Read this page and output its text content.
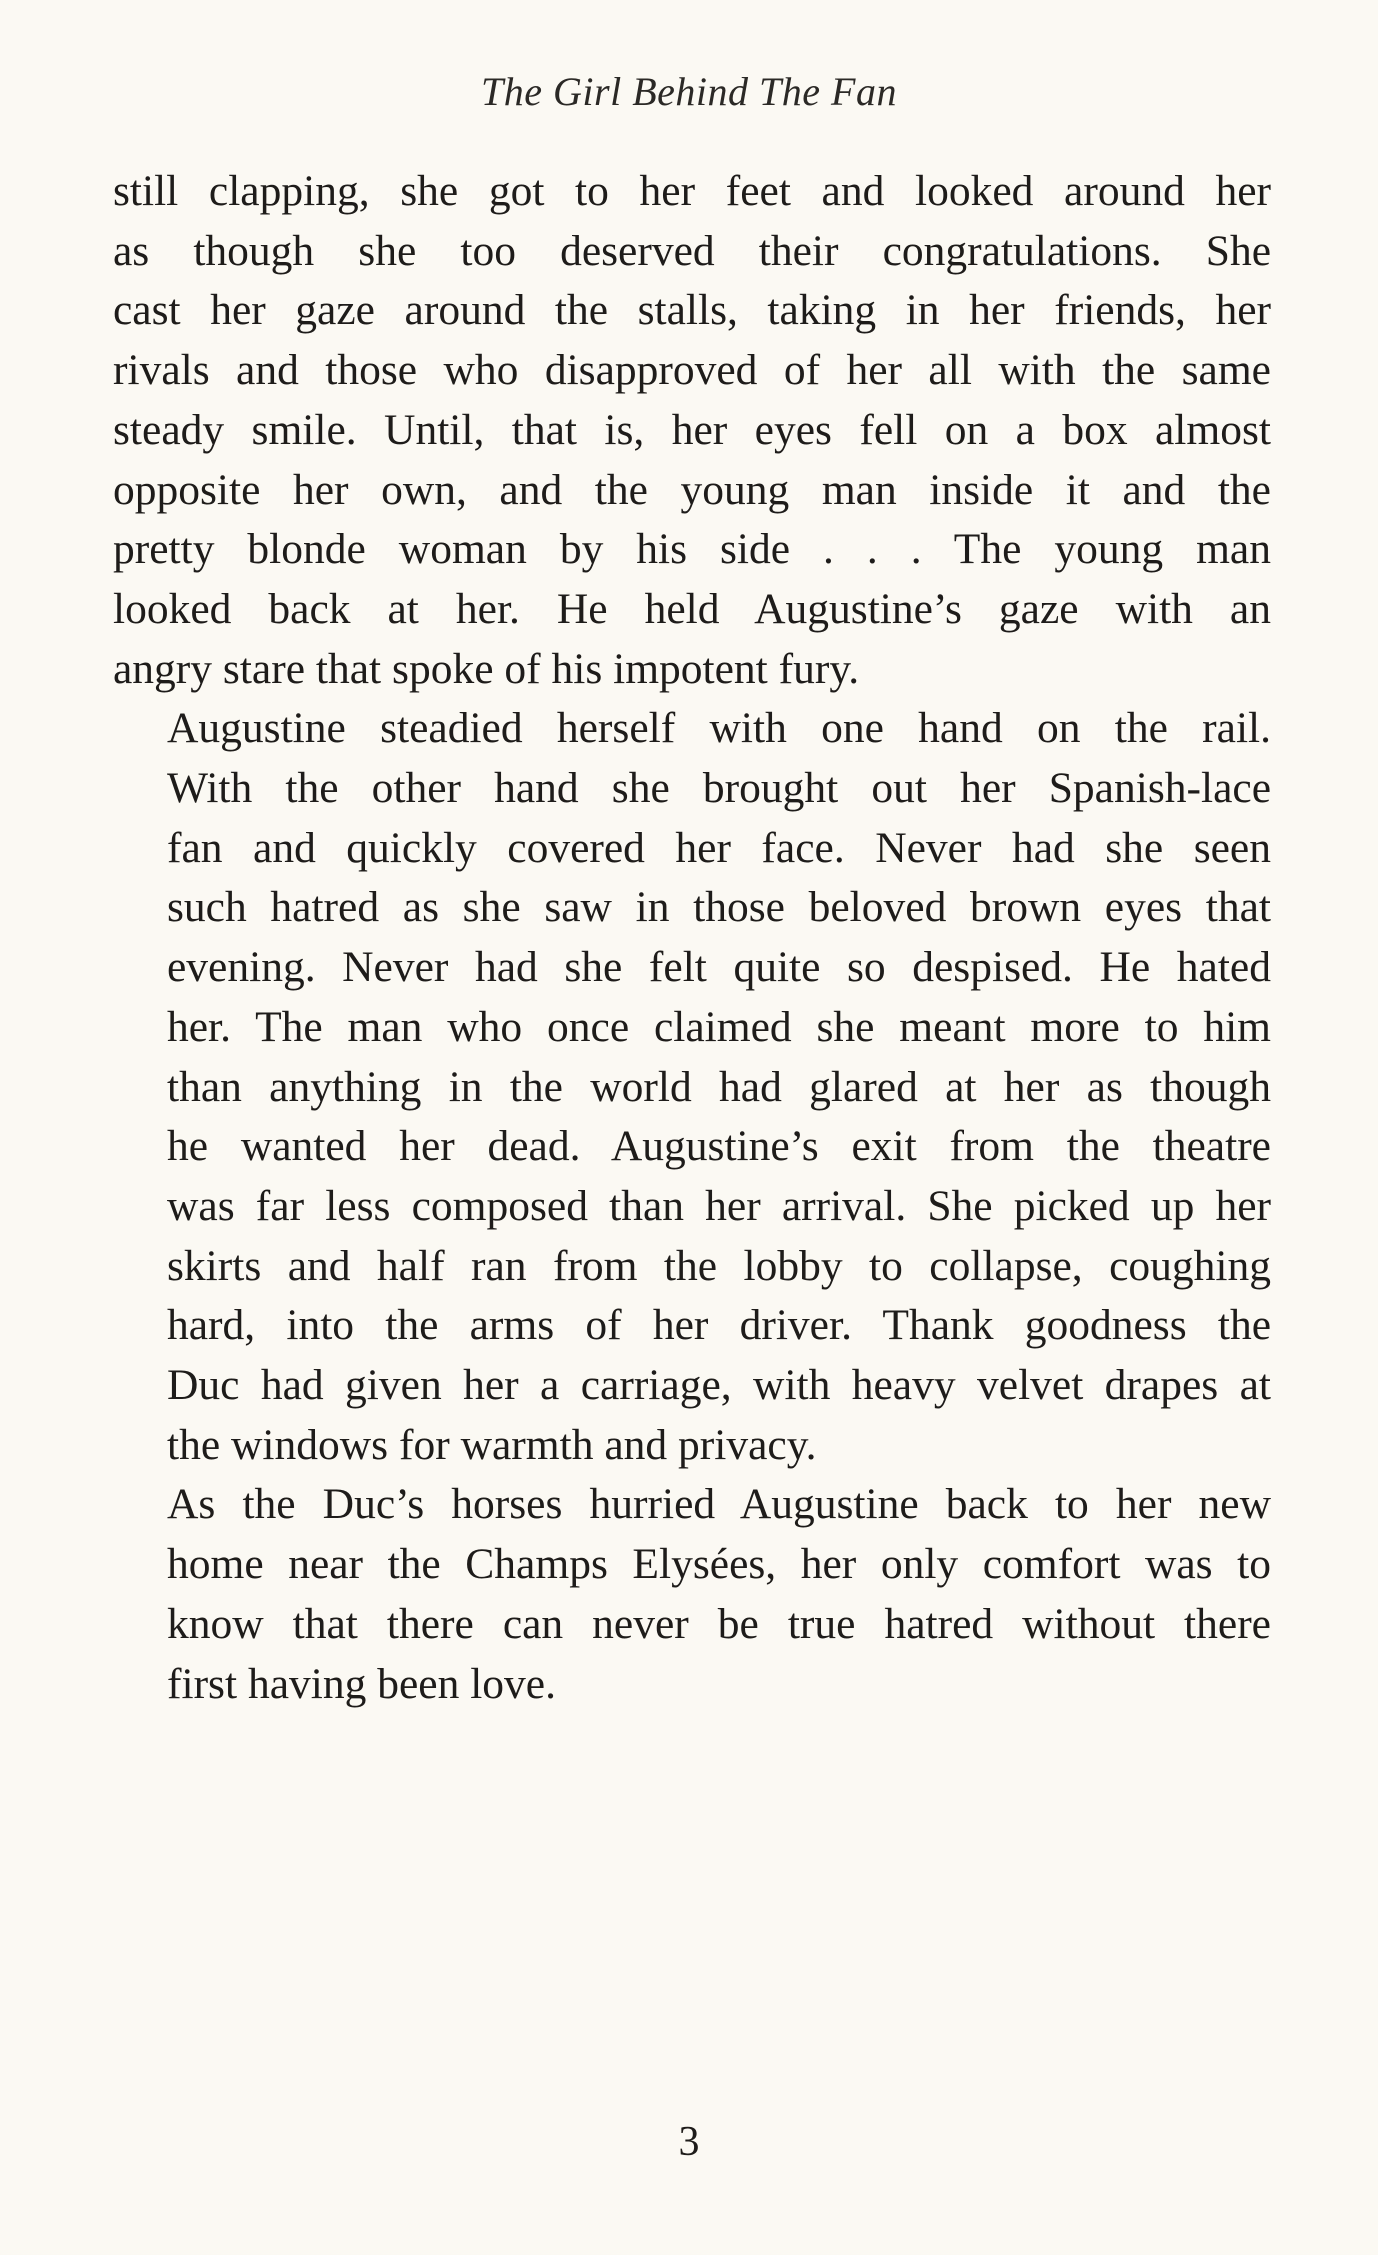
The Girl Behind The Fan

still clapping, she got to her feet and looked around her
as though she too deserved their congratulations. She
cast her gaze around the stalls, taking in her friends, her
rivals and those who disapproved of her all with the same
steady smile. Until, that is, her eyes fell on a box almost
opposite her own, and the young man inside it and the
pretty blonde woman by his side . . . The young man
looked back at her. He held Augustine’s gaze with an
angry stare that spoke of his impotent fury.

Augustine steadied herself with one hand on the rail.
With the other hand she brought out her Spanish-lace
fan and quickly covered her face. Never had she seen
such hatred as she saw in those beloved brown eyes that
evening. Never had she felt quite so despised. He hated
her. The man who once claimed she meant more to him
than anything in the world had glared at her as though
he wanted her dead. Augustine’s exit from the theatre
was far less composed than her arrival. She picked up her
skirts and half ran from the lobby to collapse, coughing
hard, into the arms of her driver. Thank goodness the
Duc had given her a carriage, with heavy velvet drapes at
the windows for warmth and privacy.

As the Duc’s horses hurried Augustine back to her new
home near the Champs Elysées, her only comfort was to
know that there can never be true hatred without there
first having been love.

3
